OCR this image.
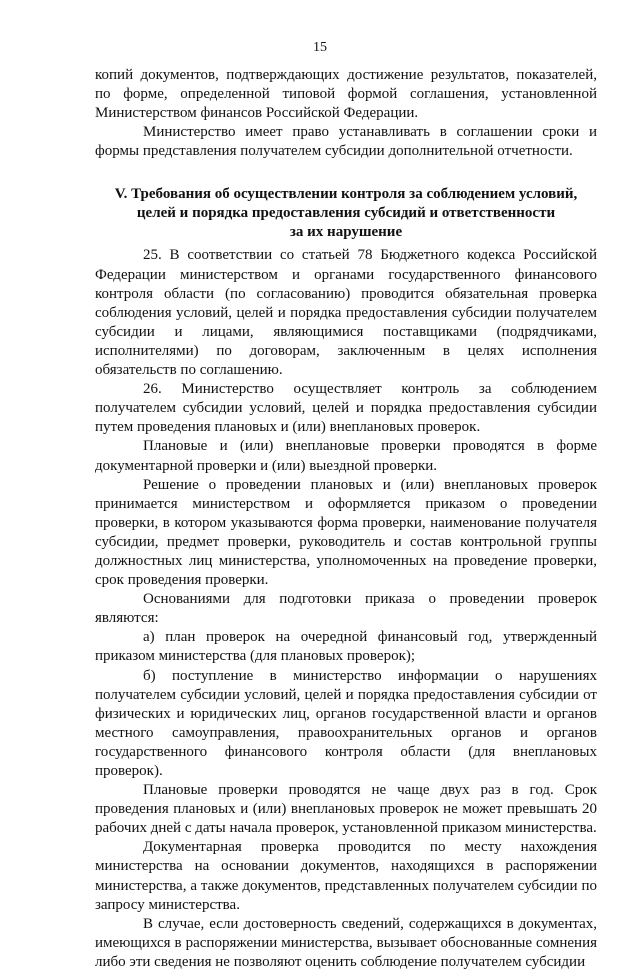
15

копий документов, подтверждающих достижение результатов, показателей, по форме, определенной типовой формой соглашения, установленной Министерством финансов Российской Федерации.

Министерство имеет право устанавливать в соглашении сроки и формы представления получателем субсидии дополнительной отчетности.

V. Требования об осуществлении контроля за соблюдением условий,
целей и порядка предоставления субсидий и ответственности
за их нарушение

25. В соответствии со статьей 78 Бюджетного кодекса Российской Федерации министерством и органами государственного финансового контроля области (по согласованию) проводится обязательная проверка соблюдения условий, целей и порядка предоставления субсидии получателем субсидии и лицами, являющимися поставщиками (подрядчиками, исполнителями) по договорам, заключенным в целях исполнения обязательств по соглашению.

26. Министерство осуществляет контроль за соблюдением получателем субсидии условий, целей и порядка предоставления субсидии путем проведения плановых и (или) внеплановых проверок.

Плановые и (или) внеплановые проверки проводятся в форме документарной проверки и (или) выездной проверки.

Решение о проведении плановых и (или) внеплановых проверок принимается министерством и оформляется приказом о проведении проверки, в котором указываются форма проверки, наименование получателя субсидии, предмет проверки, руководитель и состав контрольной группы должностных лиц министерства, уполномоченных на проведение проверки, срок проведения проверки.

Основаниями для подготовки приказа о проведении проверок являются:

а) план проверок на очередной финансовый год, утвержденный приказом министерства (для плановых проверок);

б) поступление в министерство информации о нарушениях получателем субсидии условий, целей и порядка предоставления субсидии от физических и юридических лиц, органов государственной власти и органов местного самоуправления, правоохранительных органов и органов государственного финансового контроля области (для внеплановых проверок).

Плановые проверки проводятся не чаще двух раз в год. Срок проведения плановых и (или) внеплановых проверок не может превышать 20 рабочих дней с даты начала проверок, установленной приказом министерства.

Документарная проверка проводится по месту нахождения министерства на основании документов, находящихся в распоряжении министерства, а также документов, представленных получателем субсидии по запросу министерства.

В случае, если достоверность сведений, содержащихся в документах, имеющихся в распоряжении министерства, вызывает обоснованные сомнения либо эти сведения не позволяют оценить соблюдение получателем субсидии
